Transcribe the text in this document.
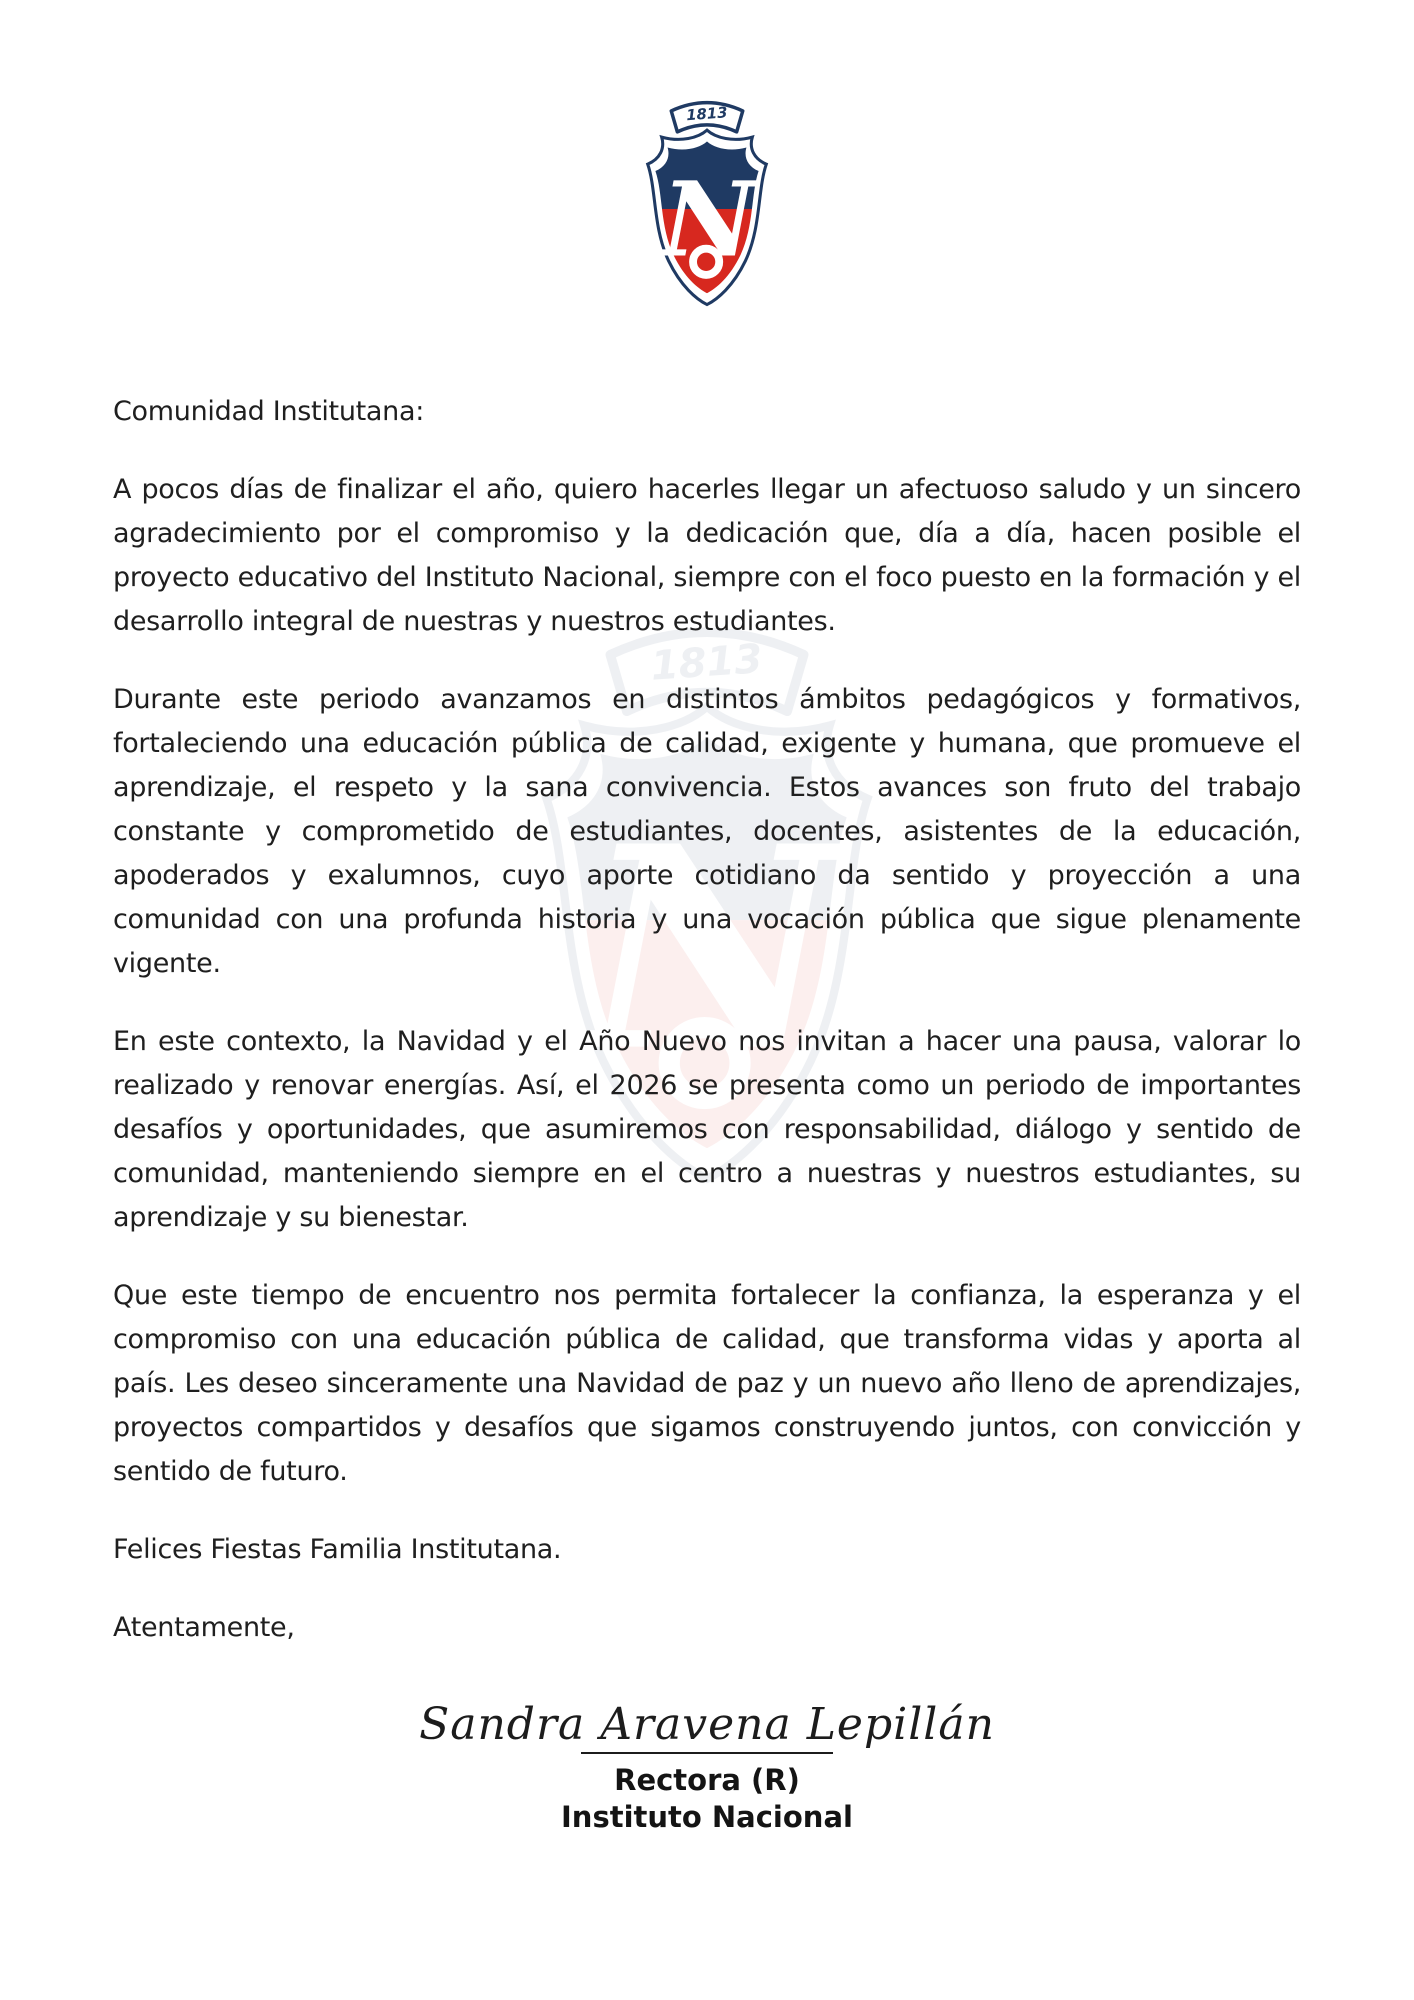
Comunidad Institutana:

A pocos días de finalizar el año, quiero hacerles llegar un afectuoso saludo y un sincero agradecimiento por el compromiso y la dedicación que, día a día, hacen posible el proyecto educativo del Instituto Nacional, siempre con el foco puesto en la formación y el desarrollo integral de nuestras y nuestros estudiantes.

Durante este periodo avanzamos en distintos ámbitos pedagógicos y formativos, fortaleciendo una educación pública de calidad, exigente y humana, que promueve el aprendizaje, el respeto y la sana convivencia. Estos avances son fruto del trabajo constante y comprometido de estudiantes, docentes, asistentes de la educación, apoderados y exalumnos, cuyo aporte cotidiano da sentido y proyección a una comunidad con una profunda historia y una vocación pública que sigue plenamente vigente.

En este contexto, la Navidad y el Año Nuevo nos invitan a hacer una pausa, valorar lo realizado y renovar energías. Así, el 2026 se presenta como un periodo de importantes desafíos y oportunidades, que asumiremos con responsabilidad, diálogo y sentido de comunidad, manteniendo siempre en el centro a nuestras y nuestros estudiantes, su aprendizaje y su bienestar.

Que este tiempo de encuentro nos permita fortalecer la confianza, la esperanza y el compromiso con una educación pública de calidad, que transforma vidas y aporta al país. Les deseo sinceramente una Navidad de paz y un nuevo año lleno de aprendizajes, proyectos compartidos y desafíos que sigamos construyendo juntos, con convicción y sentido de futuro.

Felices Fiestas Familia Institutana.

Atentamente,

Sandra Aravena Lepillán
Rectora (R)
Instituto Nacional
